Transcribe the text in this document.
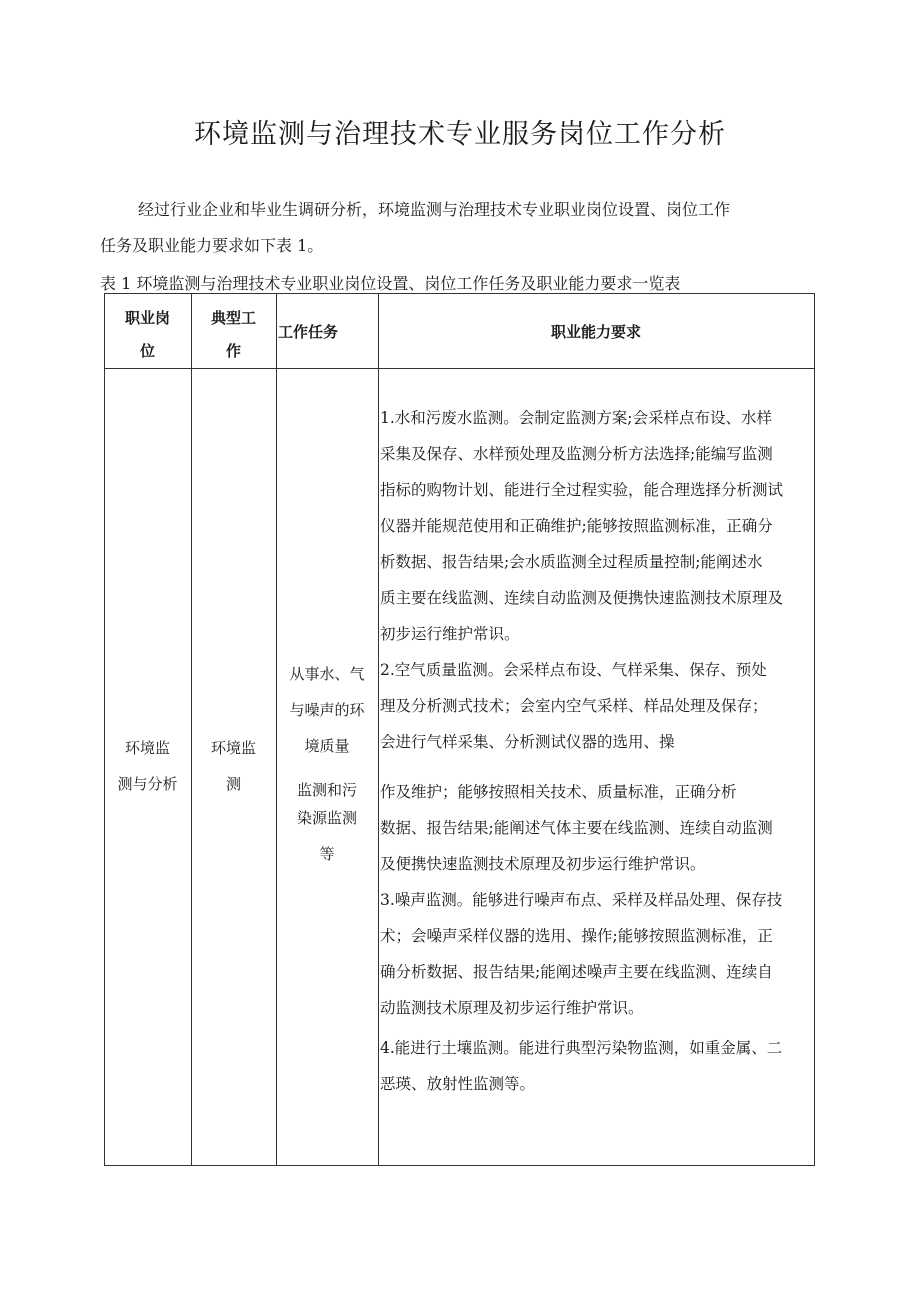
环境监测与治理技术专业服务岗位工作分析
经过行业企业和毕业生调研分析，环境监测与治理技术专业职业岗位设置、岗位工作
任务及职业能力要求如下表 1。
表 1 环境监测与治理技术专业职业岗位设置、岗位工作任务及职业能力要求一览表
职业岗
位
典型工
作
工作任务	职业能力要求
环境监
测与分析
环境监
测
从事水、气
与噪声的环
境质量
监测和污
染源监测
等
1.水和污废水监测。会制定监测方案;会采样点布设、水样
采集及保存、水样预处理及监测分析方法选择;能编写监测
指标的购物计划、能进行全过程实验，能合理选择分析测试
仪器并能规范使用和正确维护;能够按照监测标准，正确分
析数据、报告结果;会水质监测全过程质量控制;能阐述水
质主要在线监测、连续自动监测及便携快速监测技术原理及
初步运行维护常识。
2.空气质量监测。会采样点布设、气样采集、保存、预处
理及分析测式技术；会室内空气采样、样品处理及保存；
会进行气样采集、分析测试仪器的选用、操
作及维护；能够按照相关技术、质量标准，正确分析
数据、报告结果;能阐述气体主要在线监测、连续自动监测
及便携快速监测技术原理及初步运行维护常识。
3.噪声监测。能够进行噪声布点、采样及样品处理、保存技
术；会噪声采样仪器的选用、操作;能够按照监测标准，正
确分析数据、报告结果;能阐述噪声主要在线监测、连续自
动监测技术原理及初步运行维护常识。
4.能进行土壤监测。能进行典型污染物监测，如重金属、二
恶瑛、放射性监测等。
